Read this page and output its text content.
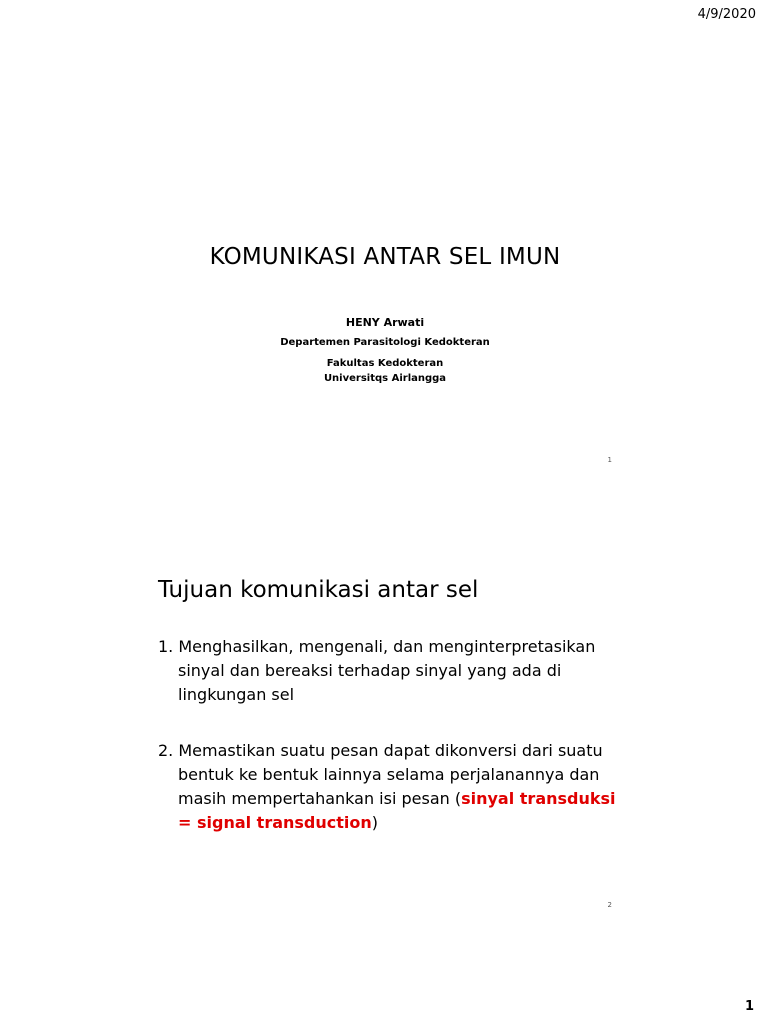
4/9/2020
KOMUNIKASI ANTAR SEL IMUN
HENY Arwati
Departemen Parasitologi Kedokteran
Fakultas Kedokteran
Universitqs Airlangga
1
Tujuan komunikasi antar sel
1. Menghasilkan, mengenali, dan menginterpretasikan sinyal dan bereaksi terhadap sinyal yang ada di lingkungan sel
2. Memastikan suatu pesan dapat dikonversi dari suatu bentuk ke bentuk lainnya selama perjalanannya dan masih mempertahankan isi pesan (sinyal transduksi = signal transduction)
2
1
